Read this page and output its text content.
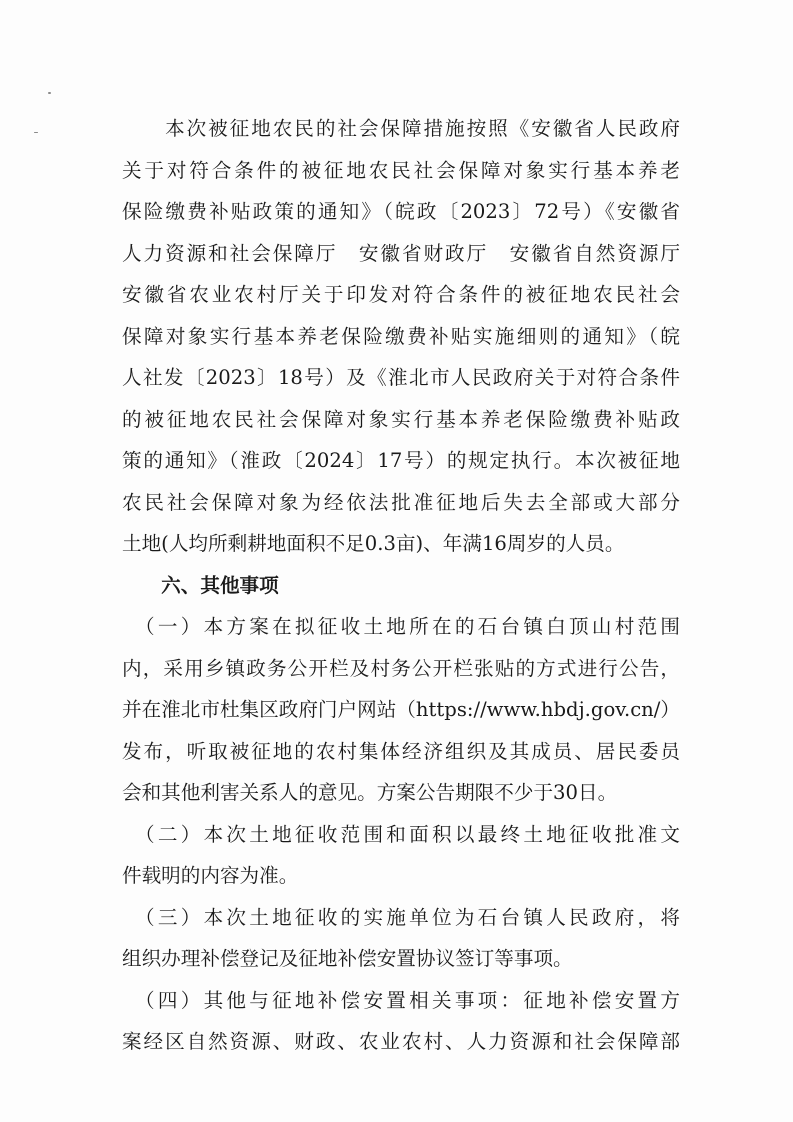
　　本次被征地农民的社会保障措施按照《安徽省人民政府
关于对符合条件的被征地农民社会保障对象实行基本养老
保险缴费补贴政策的通知》（皖政〔2023〕72号）《安徽省
人力资源和社会保障厅　安徽省财政厅　安徽省自然资源厅
安徽省农业农村厅关于印发对符合条件的被征地农民社会
保障对象实行基本养老保险缴费补贴实施细则的通知》（皖
人社发〔2023〕18号）及《淮北市人民政府关于对符合条件
的被征地农民社会保障对象实行基本养老保险缴费补贴政
策的通知》（淮政〔2024〕17号）的规定执行。本次被征地
农民社会保障对象为经依法批准征地后失去全部或大部分
土地(人均所剩耕地面积不足0.3亩)、年满16周岁的人员。
　　六、其他事项
　（一）本方案在拟征收土地所在的石台镇白顶山村范围
内，采用乡镇政务公开栏及村务公开栏张贴的方式进行公告，
并在淮北市杜集区政府门户网站（https://www.hbdj.gov.cn/）
发布，听取被征地的农村集体经济组织及其成员、居民委员
会和其他利害关系人的意见。方案公告期限不少于30日。
　（二）本次土地征收范围和面积以最终土地征收批准文
件载明的内容为准。
　（三）本次土地征收的实施单位为石台镇人民政府，将
组织办理补偿登记及征地补偿安置协议签订等事项。
　（四）其他与征地补偿安置相关事项：征地补偿安置方
案经区自然资源、财政、农业农村、人力资源和社会保障部
